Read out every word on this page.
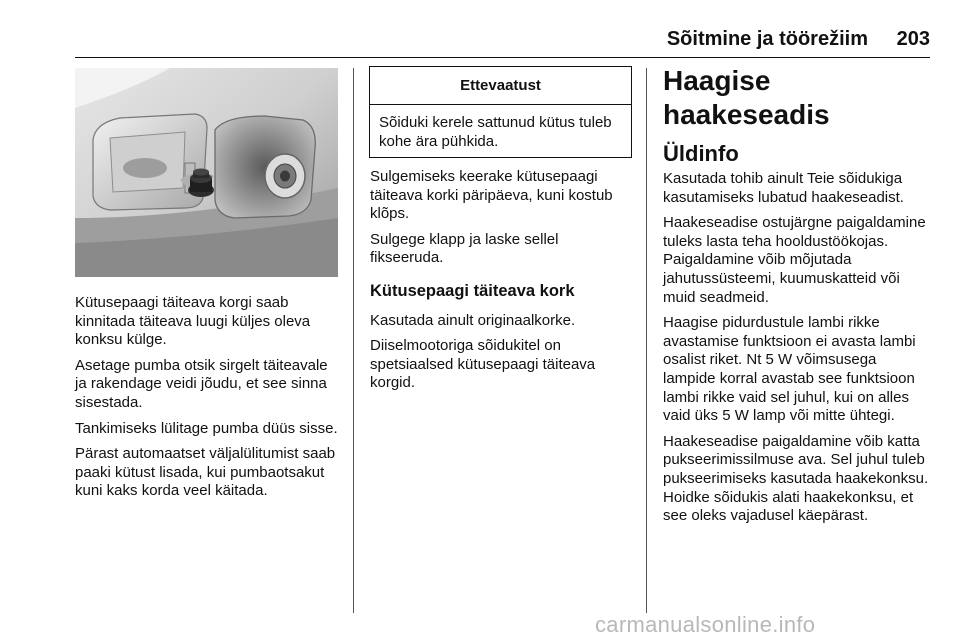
Sõitmine ja töörežiim 203

Kütusepaagi täiteava korgi saab kinnitada täiteava luugi küljes oleva konksu külge.

Asetage pumba otsik sirgelt täiteavale ja rakendage veidi jõudu, et see sinna sisestada.

Tankimiseks lülitage pumba düüs sisse.

Pärast automaatset väljalülitumist saab paaki kütust lisada, kui pumbaotsakut kuni kaks korda veel käitada.

Ettevaatust
Sõiduki kerele sattunud kütus tuleb kohe ära pühkida.

Sulgemiseks keerake kütusepaagi täiteava korki päripäeva, kuni kostub klõps.

Sulgege klapp ja laske sellel fikseeruda.

Kütusepaagi täiteava kork

Kasutada ainult originaalkorke.

Diiselmootoriga sõidukitel on spetsiaalsed kütusepaagi täiteava korgid.

Haagise haakeseadis
Üldinfo

Kasutada tohib ainult Teie sõidukiga kasutamiseks lubatud haakeseadist.

Haakeseadise ostujärgne paigaldamine tuleks lasta teha hooldustöökojas. Paigaldamine võib mõjutada jahutussüsteemi, kuumuskatteid või muid seadmeid.

Haagise pidurdustule lambi rikke avastamise funktsioon ei avasta lambi osalist riket. Nt 5 W võimsusega lampide korral avastab see funktsioon lambi rikke vaid sel juhul, kui on alles vaid üks 5 W lamp või mitte ühtegi.

Haakeseadise paigaldamine võib katta pukseerimissilmuse ava. Sel juhul tuleb pukseerimiseks kasutada haakekonksu. Hoidke sõidukis alati haakekonksu, et see oleks vajadusel käepärast.

carmanualsonline.info
